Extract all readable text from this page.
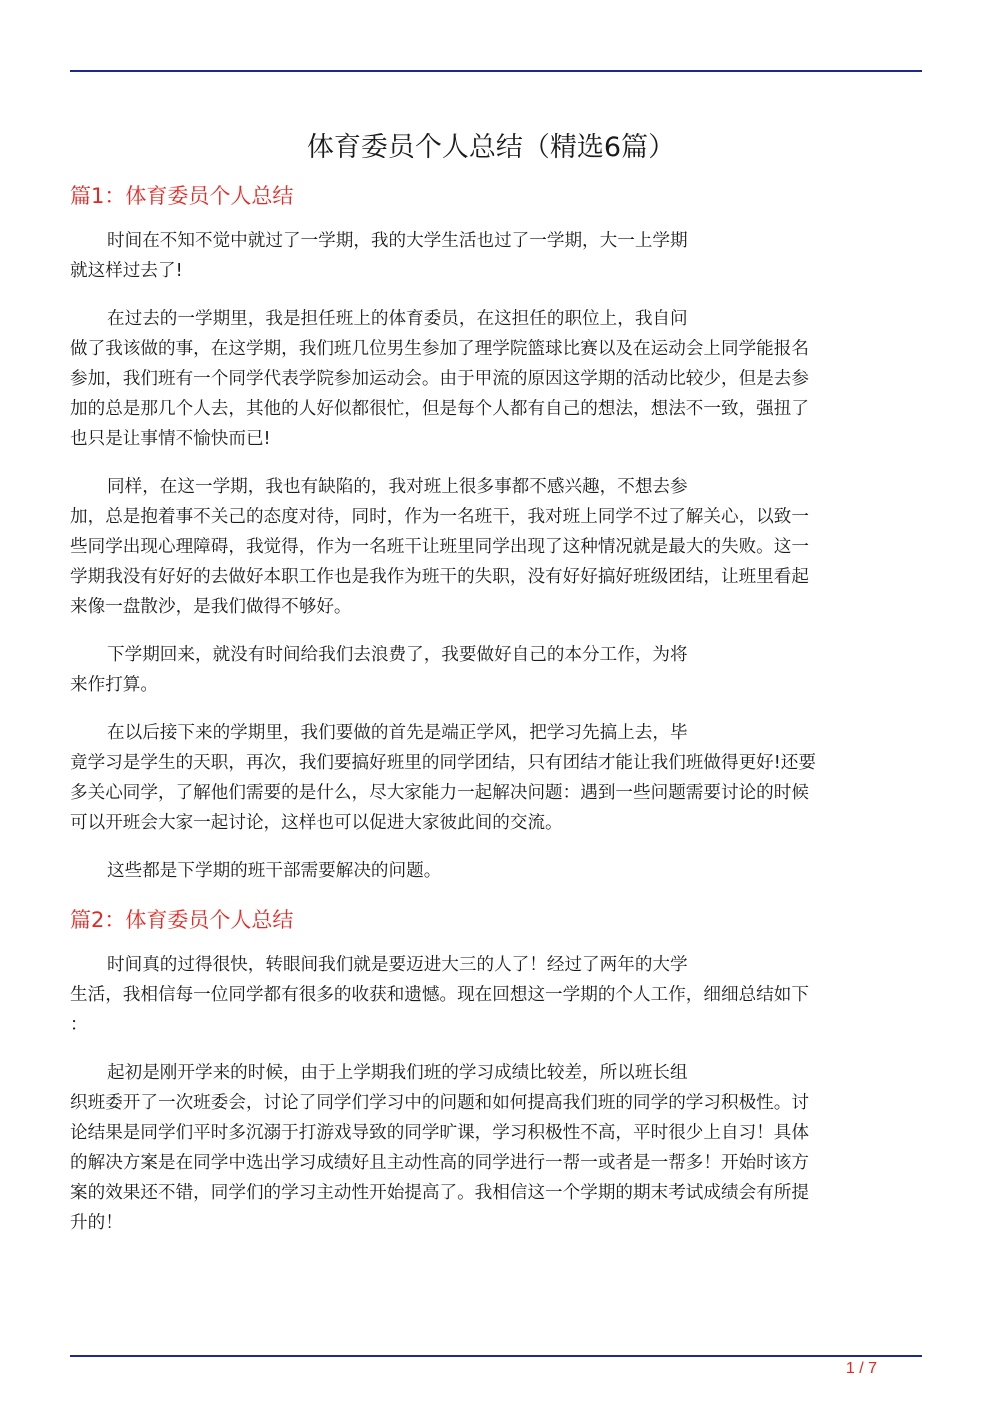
体育委员个人总结（精选6篇）
篇1：体育委员个人总结

时间在不知不觉中就过了一学期，我的大学生活也过了一学期，大一上学期
就这样过去了!

在过去的一学期里，我是担任班上的体育委员，在这担任的职位上，我自问
做了我该做的事，在这学期，我们班几位男生参加了理学院篮球比赛以及在运动会上同学能报名
参加，我们班有一个同学代表学院参加运动会。由于甲流的原因这学期的活动比较少，但是去参
加的总是那几个人去，其他的人好似都很忙，但是每个人都有自己的想法，想法不一致，强扭了
也只是让事情不愉快而已!

同样，在这一学期，我也有缺陷的，我对班上很多事都不感兴趣，不想去参
加，总是抱着事不关己的态度对待，同时，作为一名班干，我对班上同学不过了解关心，以致一
些同学出现心理障碍，我觉得，作为一名班干让班里同学出现了这种情况就是最大的失败。这一
学期我没有好好的去做好本职工作也是我作为班干的失职，没有好好搞好班级团结，让班里看起
来像一盘散沙，是我们做得不够好。

下学期回来，就没有时间给我们去浪费了，我要做好自己的本分工作，为将
来作打算。

在以后接下来的学期里，我们要做的首先是端正学风，把学习先搞上去，毕
竟学习是学生的天职，再次，我们要搞好班里的同学团结，只有团结才能让我们班做得更好!还要
多关心同学，了解他们需要的是什么，尽大家能力一起解决问题：遇到一些问题需要讨论的时候
可以开班会大家一起讨论，这样也可以促进大家彼此间的交流。

这些都是下学期的班干部需要解决的问题。

篇2：体育委员个人总结

时间真的过得很快，转眼间我们就是要迈进大三的人了！经过了两年的大学
生活，我相信每一位同学都有很多的收获和遗憾。现在回想这一学期的个人工作，细细总结如下
：

起初是刚开学来的时候，由于上学期我们班的学习成绩比较差，所以班长组
织班委开了一次班委会，讨论了同学们学习中的问题和如何提高我们班的同学的学习积极性。讨
论结果是同学们平时多沉溺于打游戏导致的同学旷课，学习积极性不高，平时很少上自习！具体
的解决方案是在同学中选出学习成绩好且主动性高的同学进行一帮一或者是一帮多！开始时该方
案的效果还不错，同学们的学习主动性开始提高了。我相信这一个学期的期末考试成绩会有所提
升的！

1 / 7
